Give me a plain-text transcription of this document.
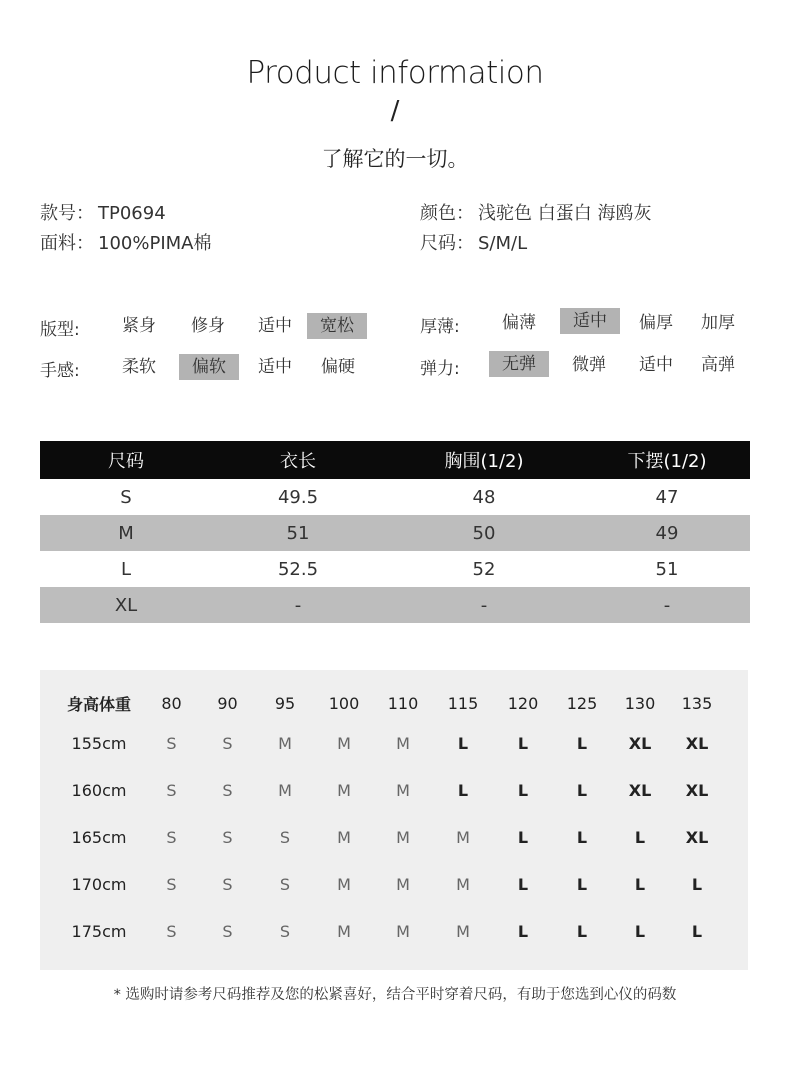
Product information
/
了解它的一切。
款号： TP0694
面料： 100%PIMA棉
颜色： 浅驼色 白蛋白 海鸥灰
尺码： S/M/L
版型:	紧身	修身	适中	宽松	厚薄:	偏薄	适中	偏厚	加厚
手感:	柔软	偏软	适中	偏硬	弹力:	无弹	微弹	适中	高弹
尺码	衣长	胸围(1/2)	下摆(1/2)
S	49.5	48	47
M	51	50	49
L	52.5	52	51
XL	-	-	-
身高体重	80	90	95	100	110	115	120	125	130	135
155cm	S	S	M	M	M	L	L	L	XL	XL
160cm	S	S	M	M	M	L	L	L	XL	XL
165cm	S	S	S	M	M	M	L	L	L	XL
170cm	S	S	S	M	M	M	L	L	L	L
175cm	S	S	S	M	M	M	L	L	L	L
* 选购时请参考尺码推荐及您的松紧喜好，结合平时穿着尺码，有助于您选到心仪的码数
